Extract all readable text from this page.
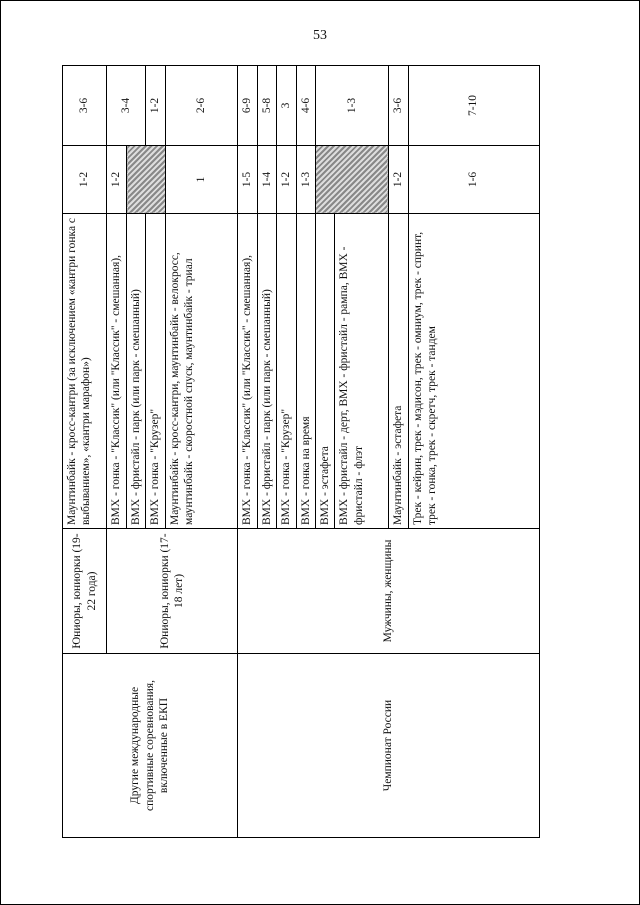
53
Другие международные спортивные соревнования, включенные в ЕКП	Юниоры, юниорки (19-22 года)	Маунтинбайк - кросс-кантри (за исключением «кантри гонка с выбыванием», «кантри марафон»)	1-2	3-6
	Юниоры, юниорки (17-18 лет)	ВМХ - гонка - "Классик" (или "Классик" - смешанная),	1-2	3-4
		ВМХ - фристайл - парк (или парк - смешанный)		
		ВМХ - гонка - "Крузер"		1-2
		Маунтинбайк - кросс-кантри, маунтинбайк - велокросс, маунтинбайк - скоростной спуск, маунтинбайк - триал	1	2-6
Чемпионат России	Мужчины, женщины	ВМХ - гонка - "Классик" (или "Классик" - смешанная),	1-5	6-9
		ВМХ - фристайл - парк (или парк - смешанный)	1-4	5-8
		ВМХ - гонка - "Крузер"	1-2	3
		ВМХ - гонка на время	1-3	4-6
		ВМХ - эстафета		1-3
		ВМХ - фристайл - дерт, ВМХ - фристайл - рампа, ВМХ - фристайл - флэт		
		Маунтинбайк - эстафета	1-2	3-6
		Трек - кейрин, трек - мэдисон, трек - омниум, трек - спринт, трек - гонка, трек - скретч, трек - тандем	1-6	7-10
